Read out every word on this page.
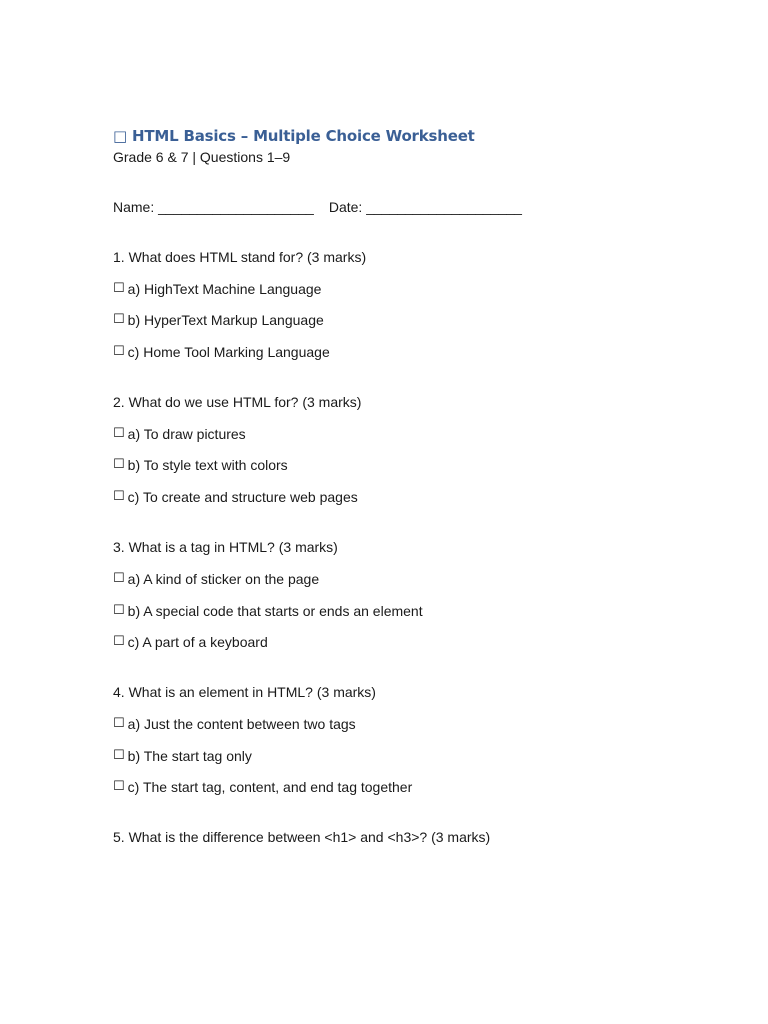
□ HTML Basics – Multiple Choice Worksheet
Grade 6 & 7 | Questions 1–9
Name: ____________________ Date: ____________________

1. What does HTML stand for? (3 marks)

☐ a) HighText Machine Language
☐ b) HyperText Markup Language
☐ c) Home Tool Marking Language

2. What do we use HTML for? (3 marks)

☐ a) To draw pictures
☐ b) To style text with colors
☐ c) To create and structure web pages

3. What is a tag in HTML? (3 marks)

☐ a) A kind of sticker on the page
☐ b) A special code that starts or ends an element
☐ c) A part of a keyboard

4. What is an element in HTML? (3 marks)

☐ a) Just the content between two tags
☐ b) The start tag only
☐ c) The start tag, content, and end tag together

5. What is the difference between <h1> and <h3>? (3 marks)
